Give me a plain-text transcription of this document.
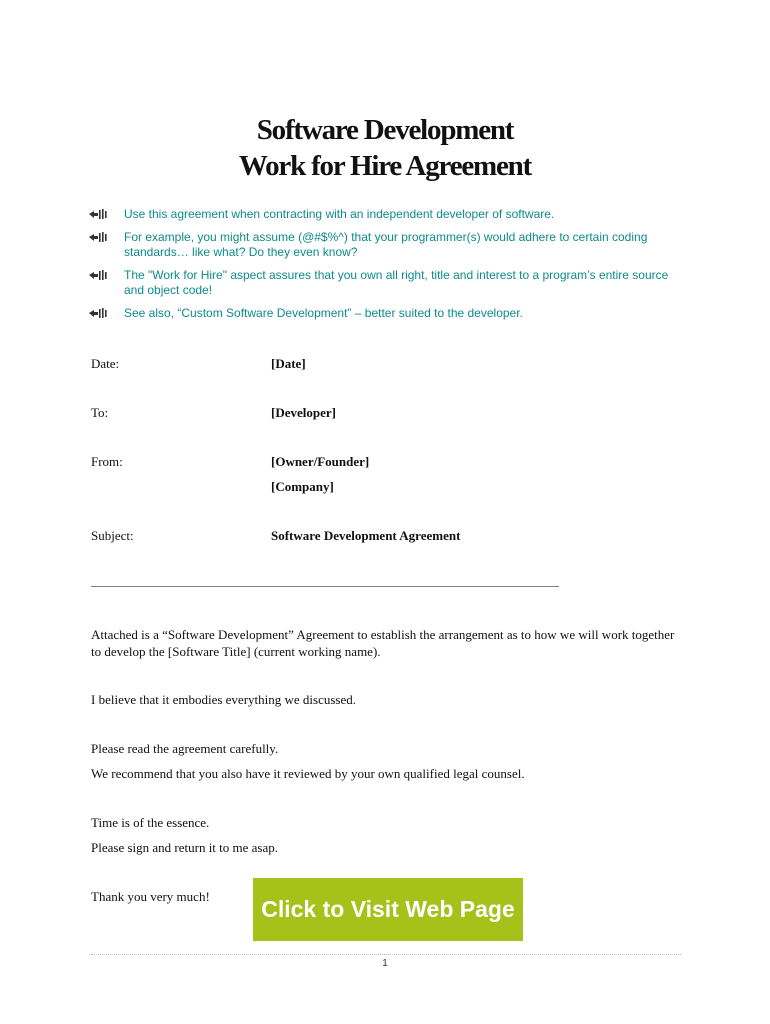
Software Development
Work for Hire Agreement
Use this agreement when contracting with an independent developer of software.
For example, you might assume (@#$%^) that your programmer(s) would adhere to certain coding standards… like what? Do they even know?
The "Work for Hire" aspect assures that you own all right, title and interest to a program’s entire source and object code!
See also, “Custom Software Development” – better suited to the developer.
Date:	[Date]
To:	[Developer]
From:	[Owner/Founder]
[Company]
Subject:	Software Development Agreement
———————————————————————————————————————
Attached is a “Software Development” Agreement to establish the arrangement as to how we will work together to develop the [Software Title] (current working name).
I believe that it embodies everything we discussed.
Please read the agreement carefully.
We recommend that you also have it reviewed by your own qualified legal counsel.
Time is of the essence.
Please sign and return it to me asap.
Thank you very much!	Click to Visit Web Page
1
